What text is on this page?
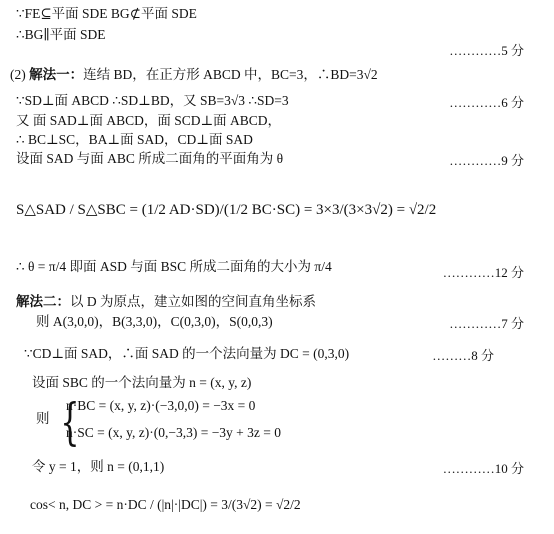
∵FE⊆平面 SDE BG⊄平面 SDE
∴BG∥平面 SDE
…………5 分
(2) 解法一：连结 BD，在正方形 ABCD 中，BC=3，∴BD=3√2
∵SD⊥面 ABCD ∴SD⊥BD，又 SB=3√3 ∴SD=3	…………6 分
又 面 SAD⊥面 ABCD，面 SCD⊥面 ABCD，
∴ BC⊥SC，BA⊥面 SAD，CD⊥面 SAD
设面 SAD 与面 ABC 所成二面角的平面角为 θ	…………9 分
S△SAD / S△SBC = (1/2 AD·SD)/(1/2 BC·SC) = 3×3/(3×3√2) = √2/2
∴ θ = π/4 即面 ASD 与面 BSC 所成二面角的大小为 π/4	…………12 分
解法二：以 D 为原点，建立如图的空间直角坐标系
则 A(3,0,0)，B(3,3,0)，C(0,3,0)，S(0,0,3)	…………7 分
∵CD⊥面 SAD，∴面 SAD 的一个法向量为 DC = (0,3,0)	………8 分
设面 SBC 的一个法向量为 n = (x, y, z)
则 {
n·BC = (x, y, z)·(−3,0,0) = −3x = 0
n·SC = (x, y, z)·(0,−3,3) = −3y + 3z = 0
令 y = 1，则 n = (0,1,1)	…………10 分
cos< n, DC > = n·DC / (|n|·|DC|) = 3/(3√2) = √2/2
